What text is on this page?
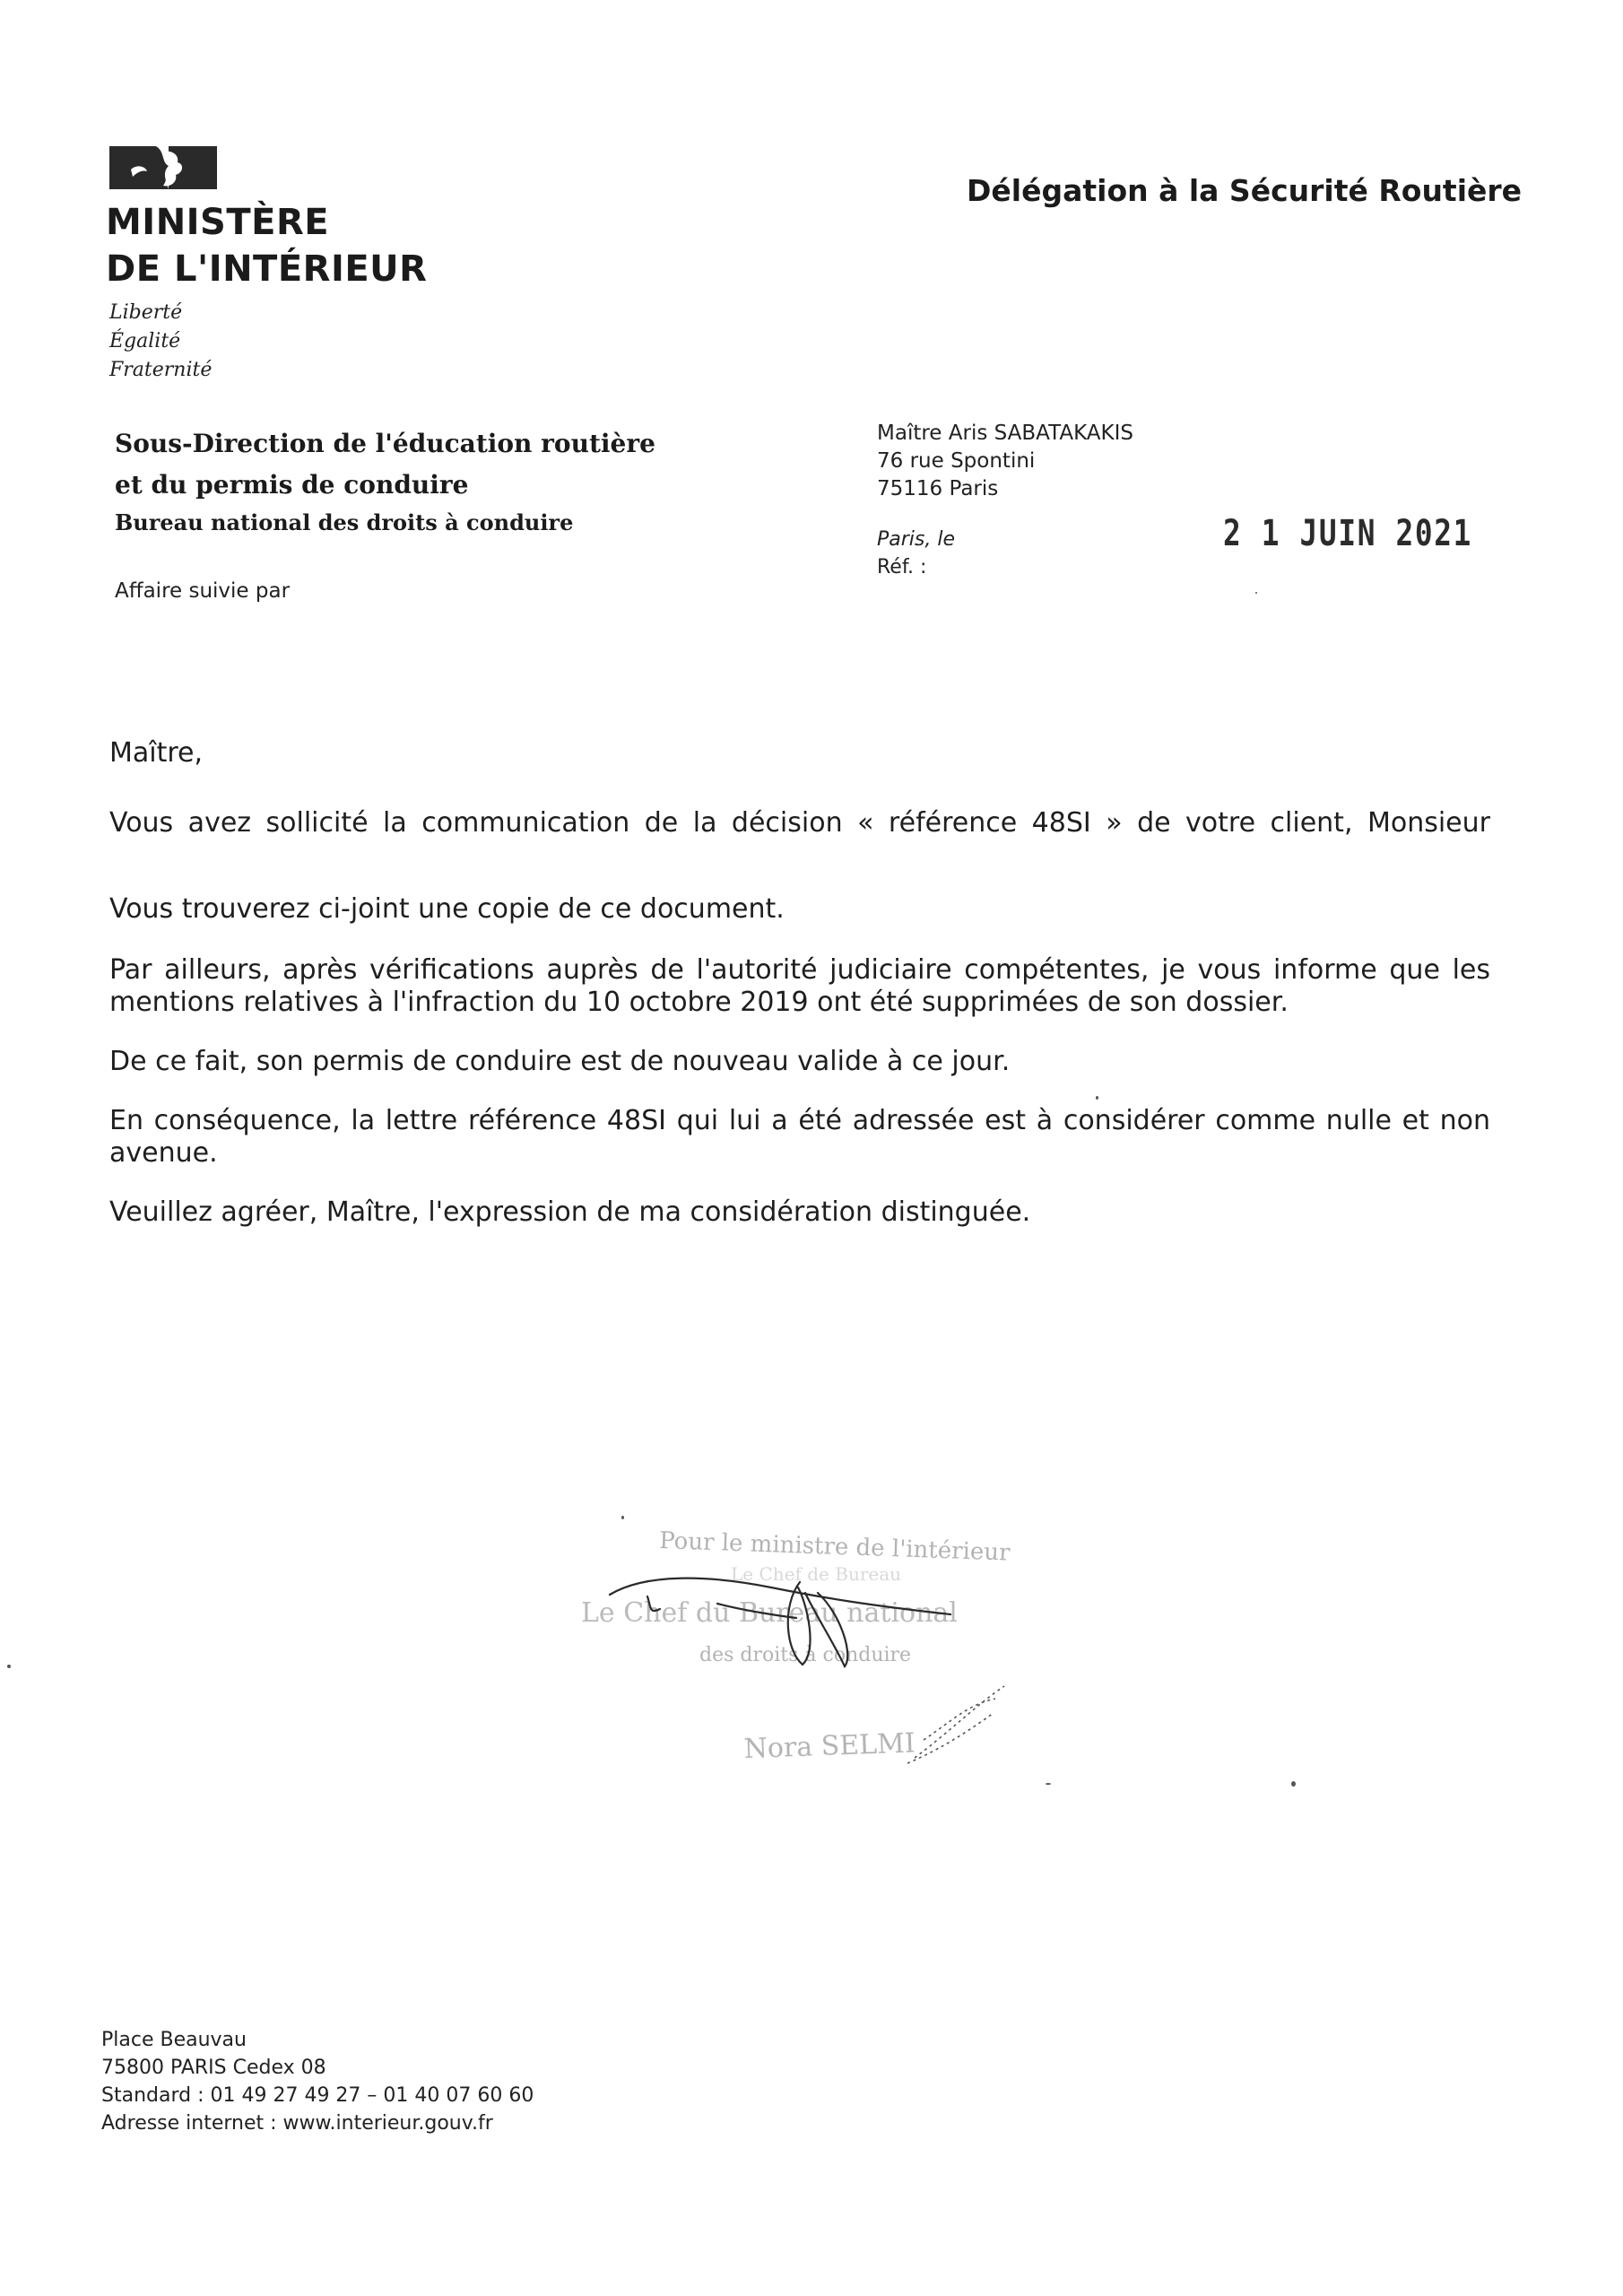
MINISTÈRE
DE L'INTÉRIEUR
Liberté
Égalité
Fraternité
Délégation à la Sécurité Routière
Sous-Direction de l'éducation routière
et du permis de conduire
Bureau national des droits à conduire
Affaire suivie par
Maître Aris SABATAKAKIS
76 rue Spontini
75116 Paris
Paris, le
Réf. :
2 1 JUIN 2021
Maître,
Vous avez sollicité la communication de la décision « référence 48SI » de votre client, Monsieur
Vous trouverez ci-joint une copie de ce document.
Par ailleurs, après vérifications auprès de l'autorité judiciaire compétentes, je vous informe que les
mentions relatives à l'infraction du 10 octobre 2019 ont été supprimées de son dossier.
De ce fait, son permis de conduire est de nouveau valide à ce jour.
En conséquence, la lettre référence 48SI qui lui a été adressée est à considérer comme nulle et non
avenue.
Veuillez agréer, Maître, l'expression de ma considération distinguée.
Pour le ministre de l'intérieur
Le Chef de Bureau
Le Chef du Bureau national
des droits à conduire
Nora SELMI
Place Beauvau
75800 PARIS Cedex 08
Standard : 01 49 27 49 27 – 01 40 07 60 60
Adresse internet : www.interieur.gouv.fr
